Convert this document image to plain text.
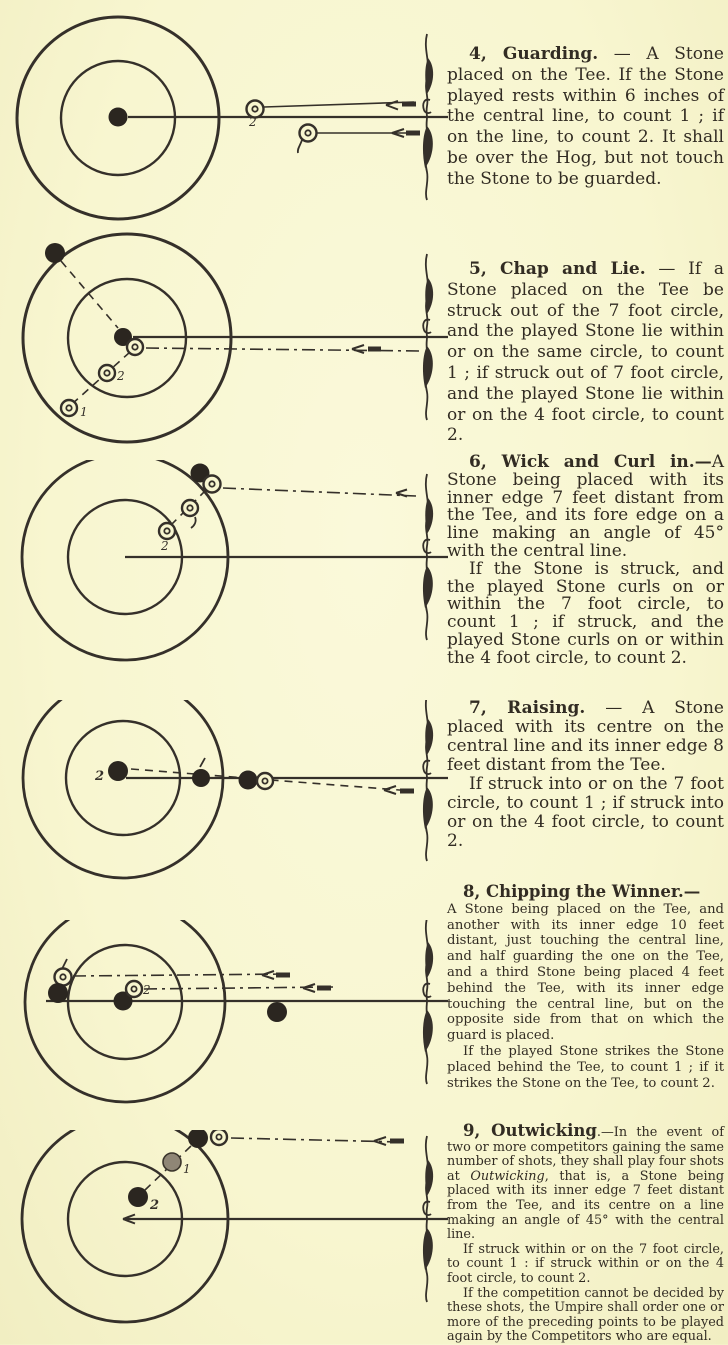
2
2
1
2
2
2
1
2

4, Guarding. — A Stone placed on the Tee. If the Stone played rests within 6 inches of the central line, to count 1 ; if on the line, to count 2. It shall be over the Hog, but not touch the Stone to be guarded.

5, Chap and Lie. — If a Stone placed on the Tee be struck out of the 7 foot circle, and the played Stone lie within or on the same circle, to count 1 ; if struck out of 7 foot circle, and the played Stone lie within or on the 4 foot circle, to count 2.

6, Wick and Curl in.—A Stone being placed with its inner edge 7 feet distant from the Tee, and its fore edge on a line making an angle of 45° with the central line.

If the Stone is struck, and the played Stone curls on or within the 7 foot circle, to count 1 ; if struck, and the played Stone curls on or within the 4 foot circle, to count 2.

7, Raising. — A Stone placed with its centre on the central line and its inner edge 8 feet distant from the Tee.

If struck into or on the 7 foot circle, to count 1 ; if struck into or on the 4 foot circle, to count 2.

8, Chipping the Winner.—
A Stone being placed on the Tee, and another with its inner edge 10 feet distant, just touching the central line, and half guarding the one on the Tee, and a third Stone being placed 4 feet behind the Tee, with its inner edge touching the central line, but on the opposite side from that on which the guard is placed.

If the played Stone strikes the Stone placed behind the Tee, to count 1 ; if it strikes the Stone on the Tee, to count 2.

9, Outwicking.—In the event of two or more competitors gaining the same number of shots, they shall play four shots at Outwicking, that is, a Stone being placed with its inner edge 7 feet distant from the Tee, and its centre on a line making an angle of 45° with the central line.

If struck within or on the 7 foot circle, to count 1 : if struck within or on the 4 foot circle, to count 2.

If the competition cannot be decided by these shots, the Umpire shall order one or more of the preceding points to be played again by the Competitors who are equal.
